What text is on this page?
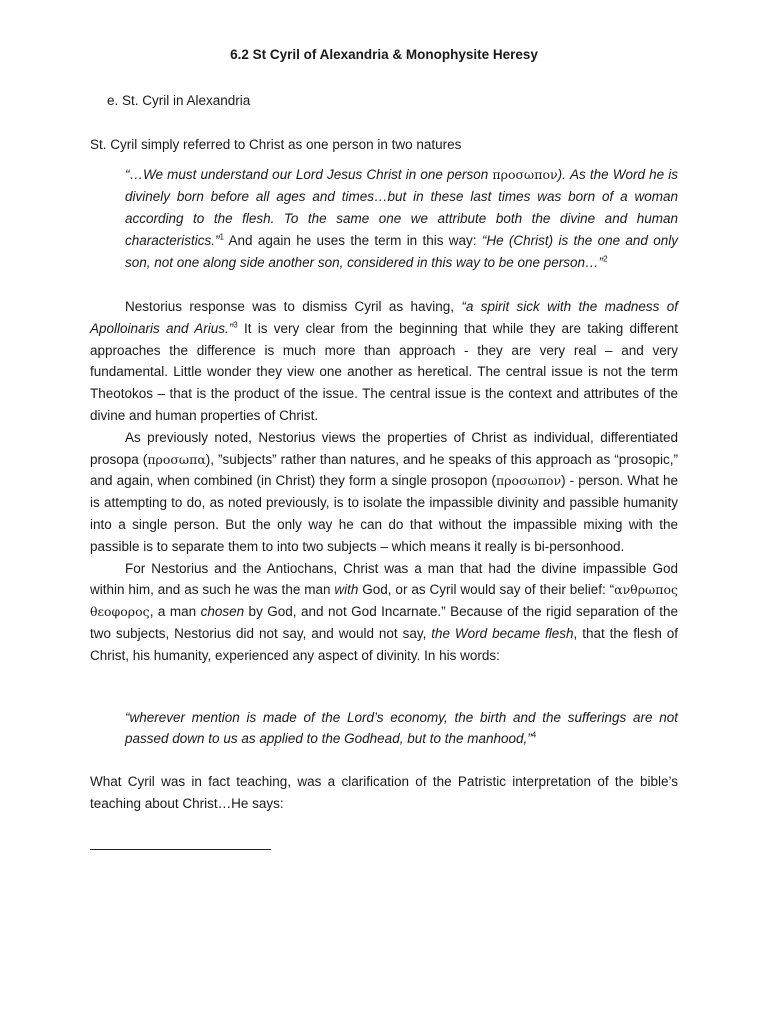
6.2 St Cyril of Alexandria & Monophysite Heresy
e. St. Cyril in Alexandria
St. Cyril simply referred to Christ as one person in two natures

“…We must understand our Lord Jesus Christ in one person προσωπον). As the Word he is divinely born before all ages and times…but in these last times was born of a woman according to the flesh. To the same one we attribute both the divine and human characteristics.”$^1$ And again he uses the term in this way: “He (Christ) is the one and only son, not one along side another son, considered in this way to be one person…”$^2$

Nestorius response was to dismiss Cyril as having, “a spirit sick with the madness of Apolloinaris and Arius.”$^3$ It is very clear from the beginning that while they are taking different approaches the difference is much more than approach - they are very real – and very fundamental. Little wonder they view one another as heretical. The central issue is not the term Theotokos – that is the product of the issue. The central issue is the context and attributes of the divine and human properties of Christ.

As previously noted, Nestorius views the properties of Christ as individual, differentiated prosopa (προσωπα), ”subjects” rather than natures, and he speaks of this approach as “prosopic,” and again, when combined (in Christ) they form a single prosopon (προσωπον) - person. What he is attempting to do, as noted previously, is to isolate the impassible divinity and passible humanity into a single person. But the only way he can do that without the impassible mixing with the passible is to separate them to into two subjects – which means it really is bi-personhood.

For Nestorius and the Antiochans, Christ was a man that had the divine impassible God within him, and as such he was the man with God, or as Cyril would say of their belief: “ανθρωπος θεοφορος, a man chosen by God, and not God Incarnate.” Because of the rigid separation of the two subjects, Nestorius did not say, and would not say, the Word became flesh, that the flesh of Christ, his humanity, experienced any aspect of divinity. In his words:

“wherever mention is made of the Lord’s economy, the birth and the sufferings are not passed down to us as applied to the Godhead, but to the manhood,”$^4$

What Cyril was in fact teaching, was a clarification of the Patristic interpretation of the bible’s teaching about Christ…He says:
